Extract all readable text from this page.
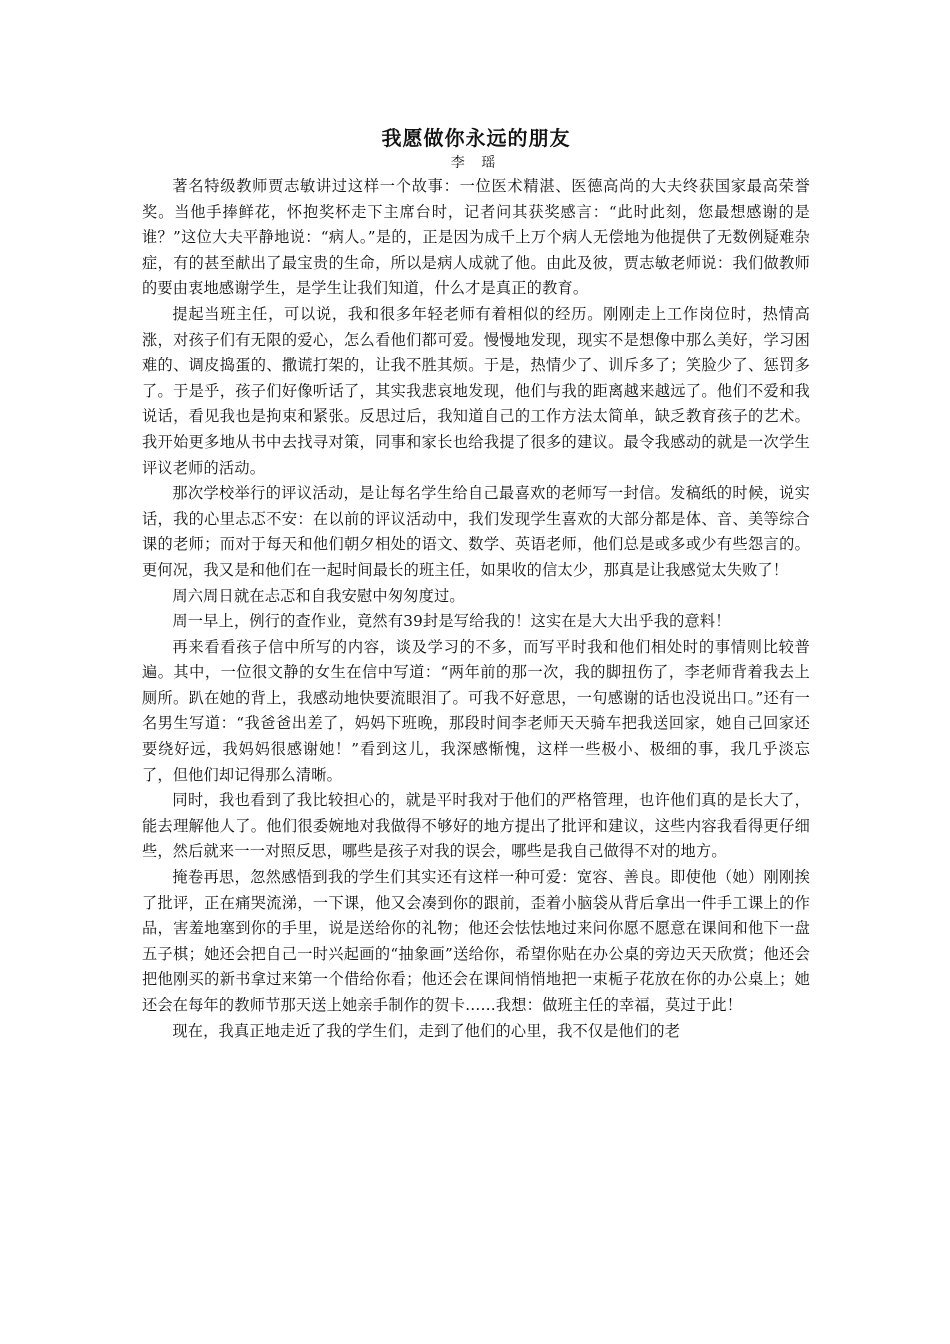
我愿做你永远的朋友
李 瑶

著名特级教师贾志敏讲过这样一个故事：一位医术精湛、医德高尚的大夫终获国家最高荣誉奖。当他手捧鲜花，怀抱奖杯走下主席台时，记者问其获奖感言：“此时此刻，您最想感谢的是谁？”这位大夫平静地说：“病人。”是的，正是因为成千上万个病人无偿地为他提供了无数例疑难杂症，有的甚至献出了最宝贵的生命，所以是病人成就了他。由此及彼，贾志敏老师说：我们做教师的要由衷地感谢学生，是学生让我们知道，什么才是真正的教育。

提起当班主任，可以说，我和很多年轻老师有着相似的经历。刚刚走上工作岗位时，热情高涨，对孩子们有无限的爱心，怎么看他们都可爱。慢慢地发现，现实不是想像中那么美好，学习困难的、调皮捣蛋的、撒谎打架的，让我不胜其烦。于是，热情少了、训斥多了；笑脸少了、惩罚多了。于是乎，孩子们好像听话了，其实我悲哀地发现，他们与我的距离越来越远了。他们不爱和我说话，看见我也是拘束和紧张。反思过后，我知道自己的工作方法太简单，缺乏教育孩子的艺术。我开始更多地从书中去找寻对策，同事和家长也给我提了很多的建议。最令我感动的就是一次学生评议老师的活动。

那次学校举行的评议活动，是让每名学生给自己最喜欢的老师写一封信。发稿纸的时候，说实话，我的心里忐忑不安：在以前的评议活动中，我们发现学生喜欢的大部分都是体、音、美等综合课的老师；而对于每天和他们朝夕相处的语文、数学、英语老师，他们总是或多或少有些怨言的。更何况，我又是和他们在一起时间最长的班主任，如果收的信太少，那真是让我感觉太失败了！

周六周日就在忐忑和自我安慰中匆匆度过。

周一早上，例行的查作业，竟然有39封是写给我的！这实在是大大出乎我的意料！

再来看看孩子信中所写的内容，谈及学习的不多，而写平时我和他们相处时的事情则比较普遍。其中，一位很文静的女生在信中写道：“两年前的那一次，我的脚扭伤了，李老师背着我去上厕所。趴在她的背上，我感动地快要流眼泪了。可我不好意思，一句感谢的话也没说出口。”还有一名男生写道：“我爸爸出差了，妈妈下班晚，那段时间李老师天天骑车把我送回家，她自己回家还要绕好远，我妈妈很感谢她！”看到这儿，我深感惭愧，这样一些极小、极细的事，我几乎淡忘了，但他们却记得那么清晰。

同时，我也看到了我比较担心的，就是平时我对于他们的严格管理，也许他们真的是长大了，能去理解他人了。他们很委婉地对我做得不够好的地方提出了批评和建议，这些内容我看得更仔细些，然后就来一一对照反思，哪些是孩子对我的误会，哪些是我自己做得不对的地方。

掩卷再思，忽然感悟到我的学生们其实还有这样一种可爱：宽容、善良。即使他（她）刚刚挨了批评，正在痛哭流涕，一下课，他又会凑到你的跟前，歪着小脑袋从背后拿出一件手工课上的作品，害羞地塞到你的手里，说是送给你的礼物；他还会怯怯地过来问你愿不愿意在课间和他下一盘五子棋；她还会把自己一时兴起画的“抽象画”送给你，希望你贴在办公桌的旁边天天欣赏；他还会把他刚买的新书拿过来第一个借给你看；他还会在课间悄悄地把一束栀子花放在你的办公桌上；她还会在每年的教师节那天送上她亲手制作的贺卡……我想：做班主任的幸福，莫过于此！

现在，我真正地走近了我的学生们，走到了他们的心里，我不仅是他们的老
